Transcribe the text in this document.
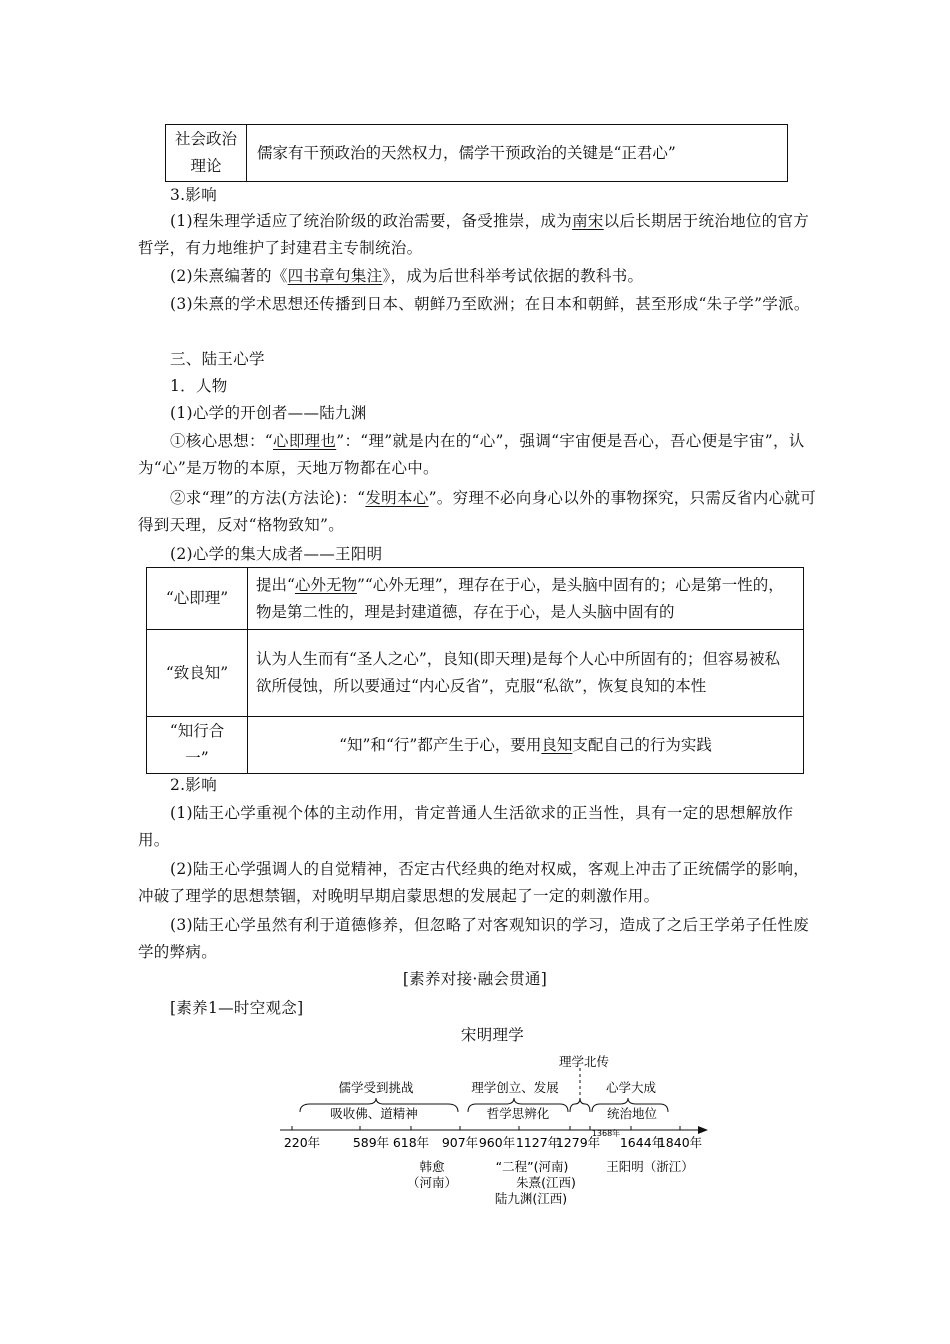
社会政治理论	儒家有干预政治的天然权力，儒学干预政治的关键是“正君心”
3.影响
(1)程朱理学适应了统治阶级的政治需要，备受推崇，成为南宋以后长期居于统治地位的官方哲学，有力地维护了封建君主专制统治。
(2)朱熹编著的《四书章句集注》，成为后世科举考试依据的教科书。
(3)朱熹的学术思想还传播到日本、朝鲜乃至欧洲；在日本和朝鲜，甚至形成“朱子学”学派。
三、陆王心学
1．人物
(1)心学的开创者——陆九渊
①核心思想：“心即理也”：“理”就是内在的“心”，强调“宇宙便是吾心，吾心便是宇宙”，认为“心”是万物的本原，天地万物都在心中。
②求“理”的方法(方法论)：“发明本心”。穷理不必向身心以外的事物探究，只需反省内心就可得到天理，反对“格物致知”。
(2)心学的集大成者——王阳明
“心即理”	提出“心外无物”“心外无理”，理存在于心，是头脑中固有的；心是第一性的，物是第二性的，理是封建道德，存在于心，是人头脑中固有的
“致良知”	认为人生而有“圣人之心”，良知(即天理)是每个人心中所固有的；但容易被私欲所侵蚀，所以要通过“内心反省”，克服“私欲”，恢复良知的本性
“知行合一”	“知”和“行”都产生于心，要用良知支配自己的行为实践
2.影响
(1)陆王心学重视个体的主动作用，肯定普通人生活欲求的正当性，具有一定的思想解放作用。
(2)陆王心学强调人的自觉精神，否定古代经典的绝对权威，客观上冲击了正统儒学的影响，冲破了理学的思想禁锢，对晚明早期启蒙思想的发展起了一定的刺激作用。
(3)陆王心学虽然有利于道德修养，但忽略了对客观知识的学习，造成了之后王学弟子任性废学的弊病。
[素养对接·融会贯通]
[素养1—时空观念]
宋明理学
儒学受到挑战
吸收佛、道精神
理学创立、发展
哲学思辨化
理学北传
心学大成
统治地位
220年	589年 618年 907年 960年 1127年
1279年
1368年
1644年
1840年
韩愈
（河南）
“二程”(河南)
朱熹(江西)
陆九渊(江西)
王阳明（浙江）
